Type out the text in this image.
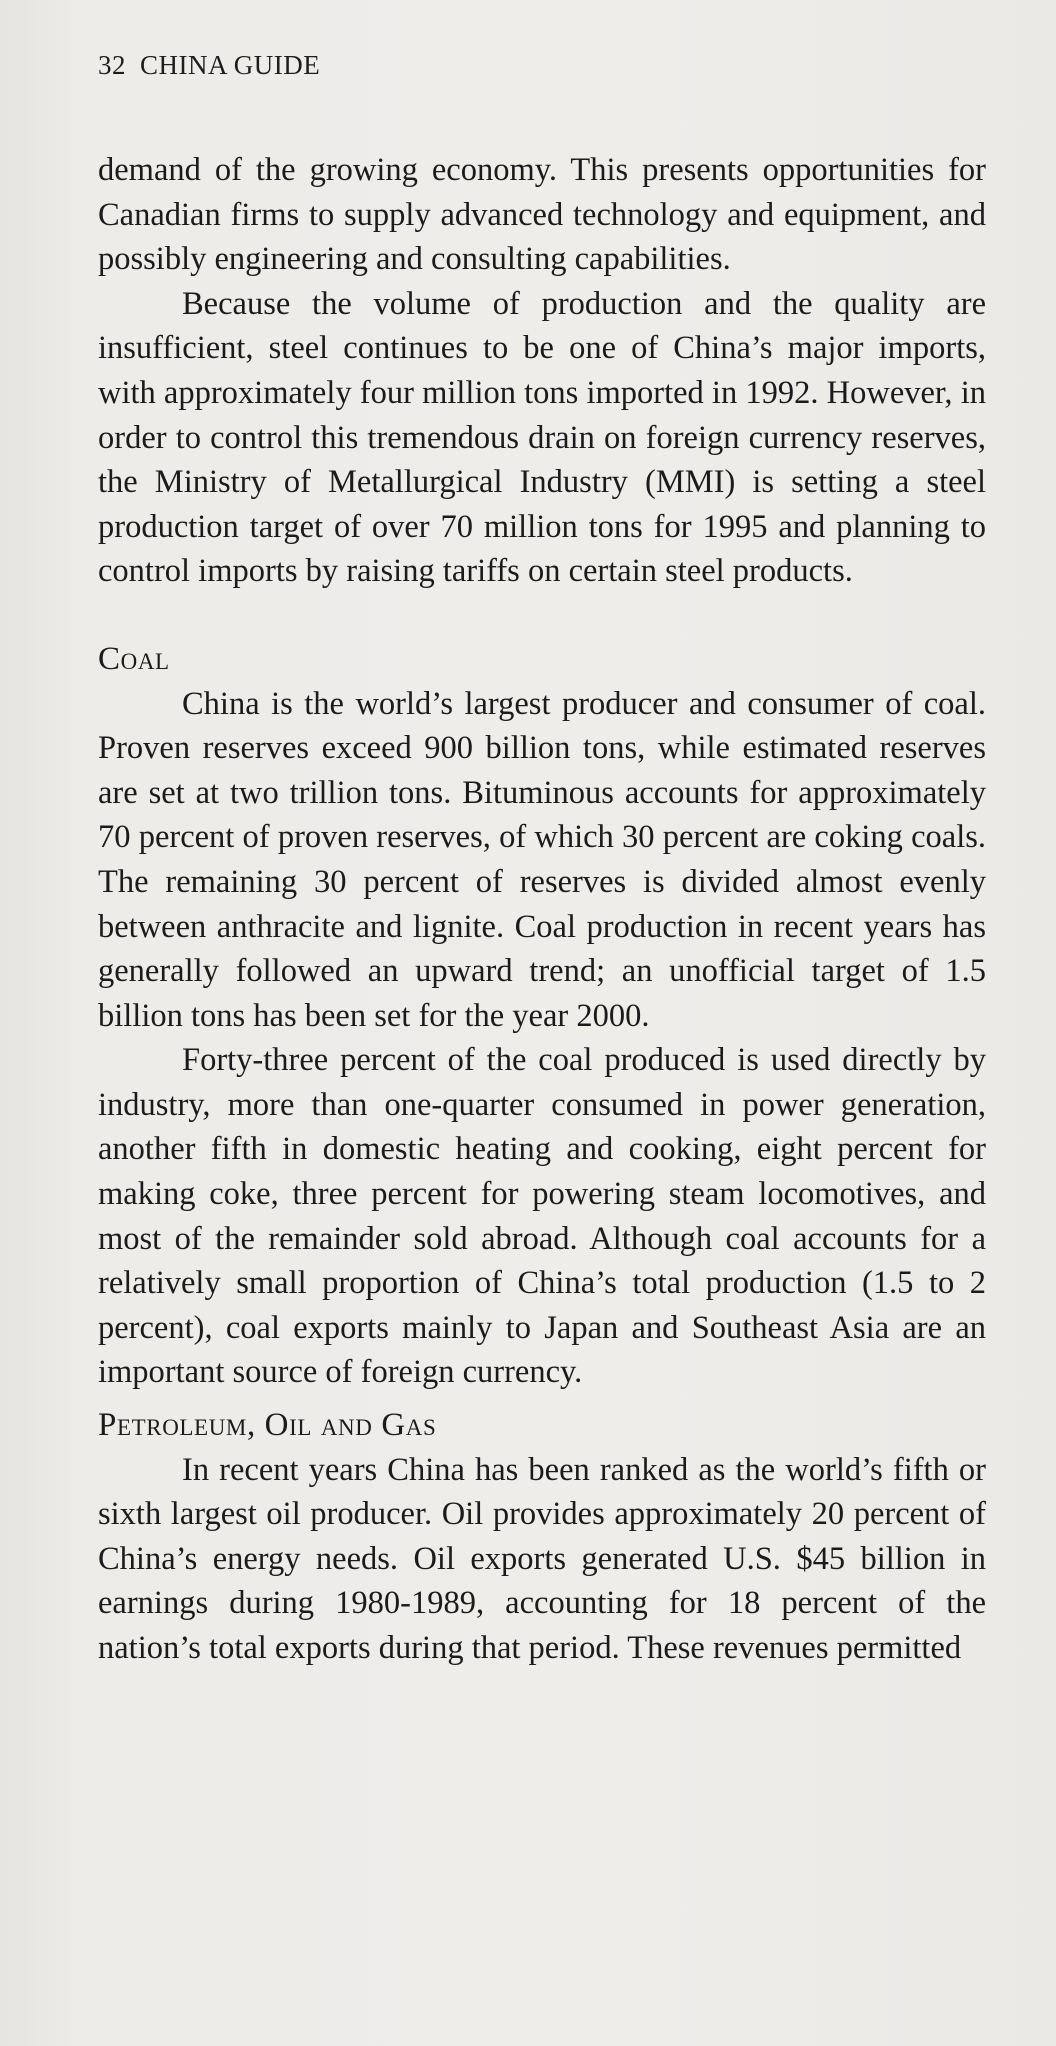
32 CHINA GUIDE

demand of the growing economy. This presents opportunities for Canadian firms to supply advanced technology and equipment, and possibly engineering and consulting capabilities.

Because the volume of production and the quality are insufficient, steel continues to be one of China’s major imports, with approximately four million tons imported in 1992. However, in order to control this tremendous drain on foreign currency reserves, the Ministry of Metallurgical Industry (MMI) is setting a steel production target of over 70 million tons for 1995 and planning to control imports by raising tariffs on certain steel products.

Coal

China is the world’s largest producer and consumer of coal. Proven reserves exceed 900 billion tons, while estimated reserves are set at two trillion tons. Bituminous accounts for approximately 70 percent of proven reserves, of which 30 percent are coking coals. The remaining 30 percent of reserves is divided almost evenly between anthracite and lignite. Coal production in recent years has generally followed an upward trend; an unofficial target of 1.5 billion tons has been set for the year 2000.

Forty-three percent of the coal produced is used directly by industry, more than one-quarter consumed in power generation, another fifth in domestic heating and cooking, eight percent for making coke, three percent for powering steam locomotives, and most of the remainder sold abroad. Although coal accounts for a relatively small proportion of China’s total production (1.5 to 2 percent), coal exports mainly to Japan and Southeast Asia are an important source of foreign currency.

Petroleum, Oil and Gas

In recent years China has been ranked as the world’s fifth or sixth largest oil producer. Oil provides approximately 20 percent of China’s energy needs. Oil exports generated U.S. $45 billion in earnings during 1980-1989, accounting for 18 percent of the nation’s total exports during that period. These revenues permitted
